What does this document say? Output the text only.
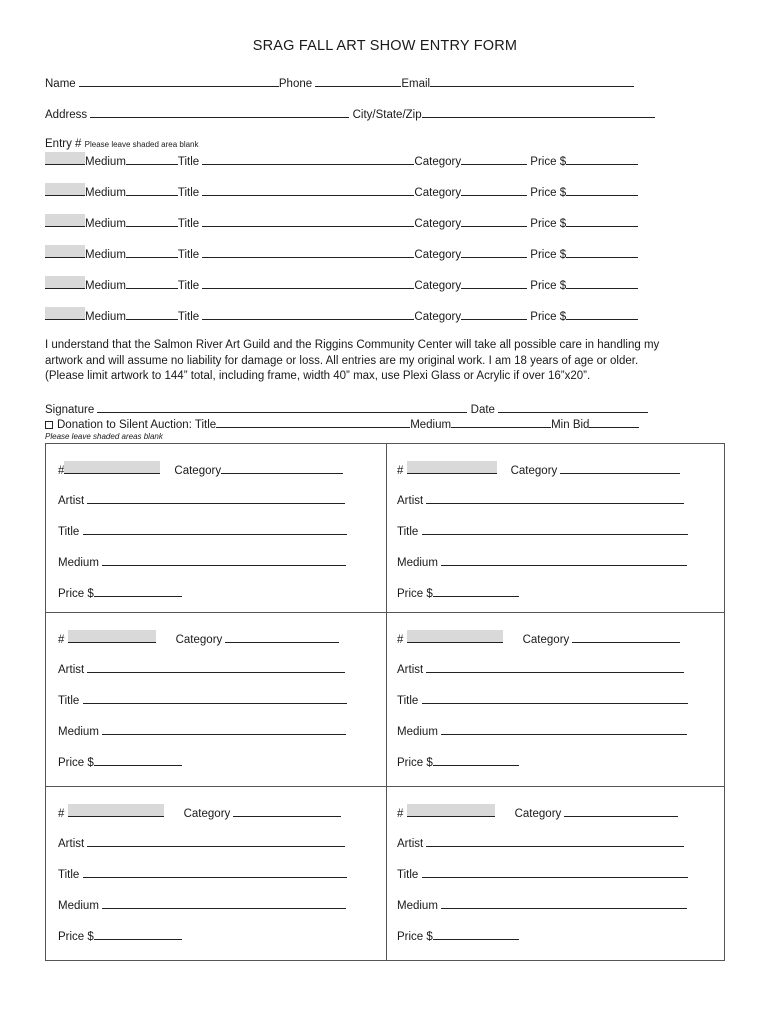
SRAG FALL ART SHOW ENTRY FORM
Name	Phone	Email
Address	City/State/Zip
Entry # Please leave shaded area blank
Medium	Title	Category	Price $
Medium	Title	Category	Price $
Medium	Title	Category	Price $
Medium	Title	Category	Price $
Medium	Title	Category	Price $
Medium	Title	Category	Price $
I understand that the Salmon River Art Guild and the Riggins Community Center will take all possible care in handling my
artwork and will assume no liability for damage or loss. All entries are my original work. I am 18 years of age or older.
(Please limit artwork to 144” total, including frame, width 40” max, use Plexi Glass or Acrylic if over 16”x20”.
Signature	Date
Donation to Silent Auction: Title	Medium	Min Bid
Please leave shaded areas blank
#	Category
Artist
Title
Medium
Price $
#	Category
Artist
Title
Medium
Price $
#	Category
Artist
Title
Medium
Price $
#	Category
Artist
Title
Medium
Price $
#	Category
Artist
Title
Medium
Price $
#	Category
Artist
Title
Medium
Price $
